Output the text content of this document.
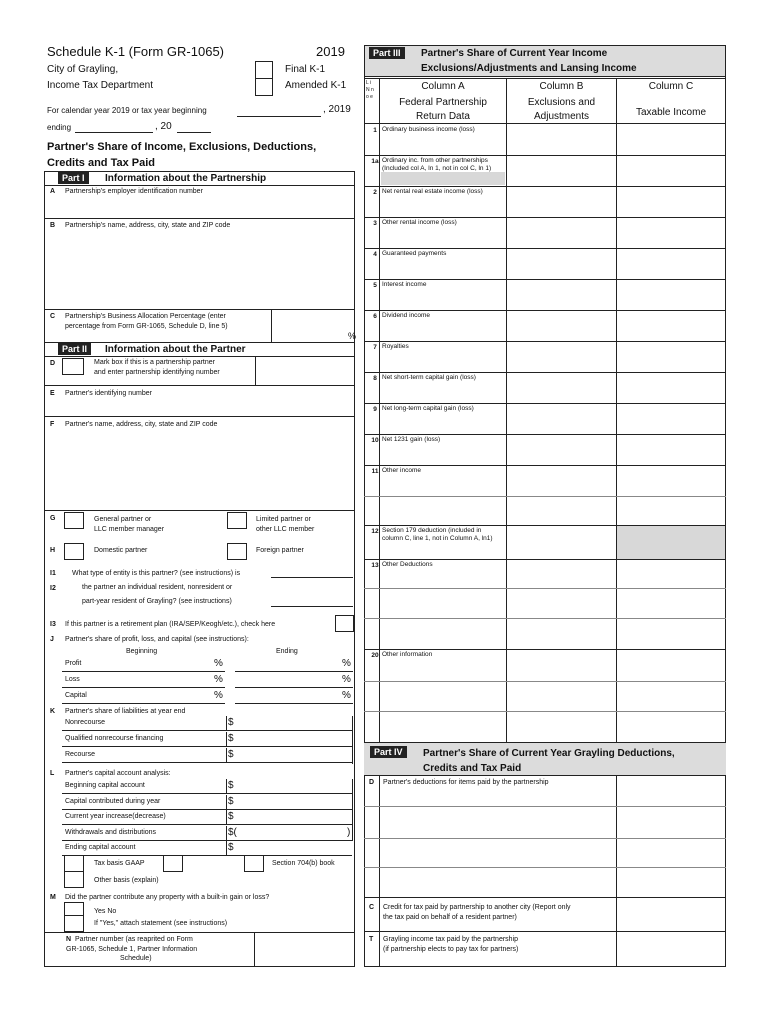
Schedule K-1 (Form GR-1065)	2019
City of Grayling,
Income Tax Department
Final K-1
Amended K-1
For calendar year 2019 or tax year beginning	, 2019
ending	, 20
Partner's Share of Income, Exclusions, Deductions,
Credits and Tax Paid
Part I	Information about the Partnership
A Partnership's employer identification number
B Partnership's name, address, city, state and ZIP code
C Partnership's Business Allocation Percentage (enter
percentage from Form GR-1065, Schedule D, line 5)
%
Part II	Information about the Partner
D	Mark box if this is a partnership partner
and enter partnership identifying number
E Partner's identifying number
F Partner's name, address, city, state and ZIP code
G	General partner or
LLC member manager
Limited partner or
other LLC member
H	Domestic partner	Foreign partner
I1 What type of entity is this partner? (see instructions) is
I2	the partner an individual resident, nonresident or
part-year resident of Grayling? (see instructions)
I3 If this partner is a retirement plan (IRA/SEP/Keogh/etc.), check here
J Partner's share of profit, loss, and capital (see instructions):
Beginning	Ending
Profit	%	%
Loss	%	%
Capital	%	%
K Partner's share of liabilities at year end
Nonrecourse	$
Qualified nonrecourse financing	$
Recourse	$
L Partner's capital account analysis:
Beginning capital account	$
Capital contributed during year	$
Current year increase(decrease)	$
Withdrawals and distributions	$(	)
Ending capital account	$
Tax basis GAAP	Section 704(b) book
Other basis (explain)
M Did the partner contribute any property with a built-in gain or loss?
Yes No
If "Yes," attach statement (see instructions)
N Partner number (as reaprited on Form
GR-1065, Schedule 1, Partner Information
Schedule)
Part III	Partner's Share of Current Year Income
Exclusions/Adjustments and Lansing Income
L i N n o e
Column A
Federal Partnership
Return Data
Column B
Exclusions and
Adjustments
Column C
Taxable Income
1 Ordinary business income (loss)
1a Ordinary inc. from other partnerships
(Included col A, ln 1, not in col C, ln 1)
2 Net rental real estate income (loss)
3 Other rental income (loss)
4 Guaranteed payments
5 Interest income
6 Dividend income
7 Royalties
8 Net short-term capital gain (loss)
9 Net long-term capital gain (loss)
10 Net 1231 gain (loss)
11 Other income
12 Section 179 deduction (included in
column C, line 1, not in Column A, ln1)
13 Other Deductions
20 Other information
Part IV	Partner's Share of Current Year Grayling Deductions,
Credits and Tax Paid
D Partner's deductions for items paid by the partnership
C Credit for tax paid by partnership to another city (Report only
the tax paid on behalf of a resident partner)
T Grayling income tax paid by the partnership
(if partnership elects to pay tax for partners)
